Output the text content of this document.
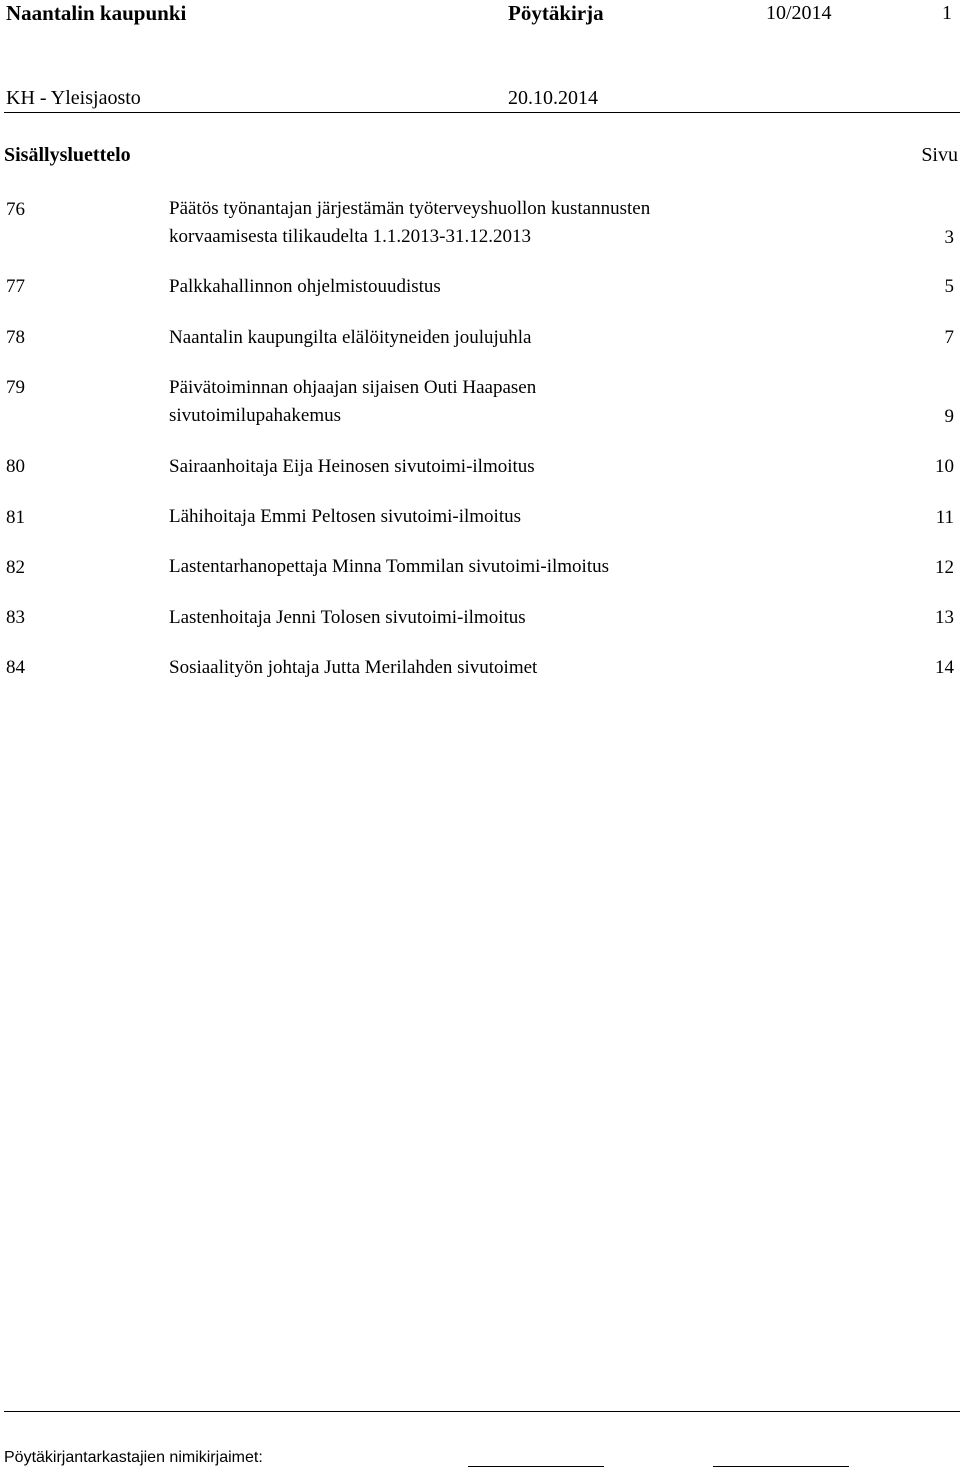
Naantalin kaupunki	Pöytäkirja	10/2014	1
KH - Yleisjaosto	20.10.2014
Sisällysluettelo	Sivu
76	Päätös työnantajan järjestämän työterveyshuollon kustannusten
korvaamisesta tilikaudelta 1.1.2013-31.12.2013	3
77	Palkkahallinnon ohjelmistouudistus	5
78	Naantalin kaupungilta elälöityneiden joulujuhla	7
79	Päivätoiminnan ohjaajan sijaisen Outi Haapasen
sivutoimilupahakemus	9
80	Sairaanhoitaja Eija Heinosen sivutoimi-ilmoitus	10
81	Lähihoitaja Emmi Peltosen sivutoimi-ilmoitus	11
82	Lastentarhanopettaja Minna Tommilan sivutoimi-ilmoitus	12
83	Lastenhoitaja Jenni Tolosen sivutoimi-ilmoitus	13
84	Sosiaalityön johtaja Jutta Merilahden sivutoimet	14
Pöytäkirjantarkastajien nimikirjaimet:
